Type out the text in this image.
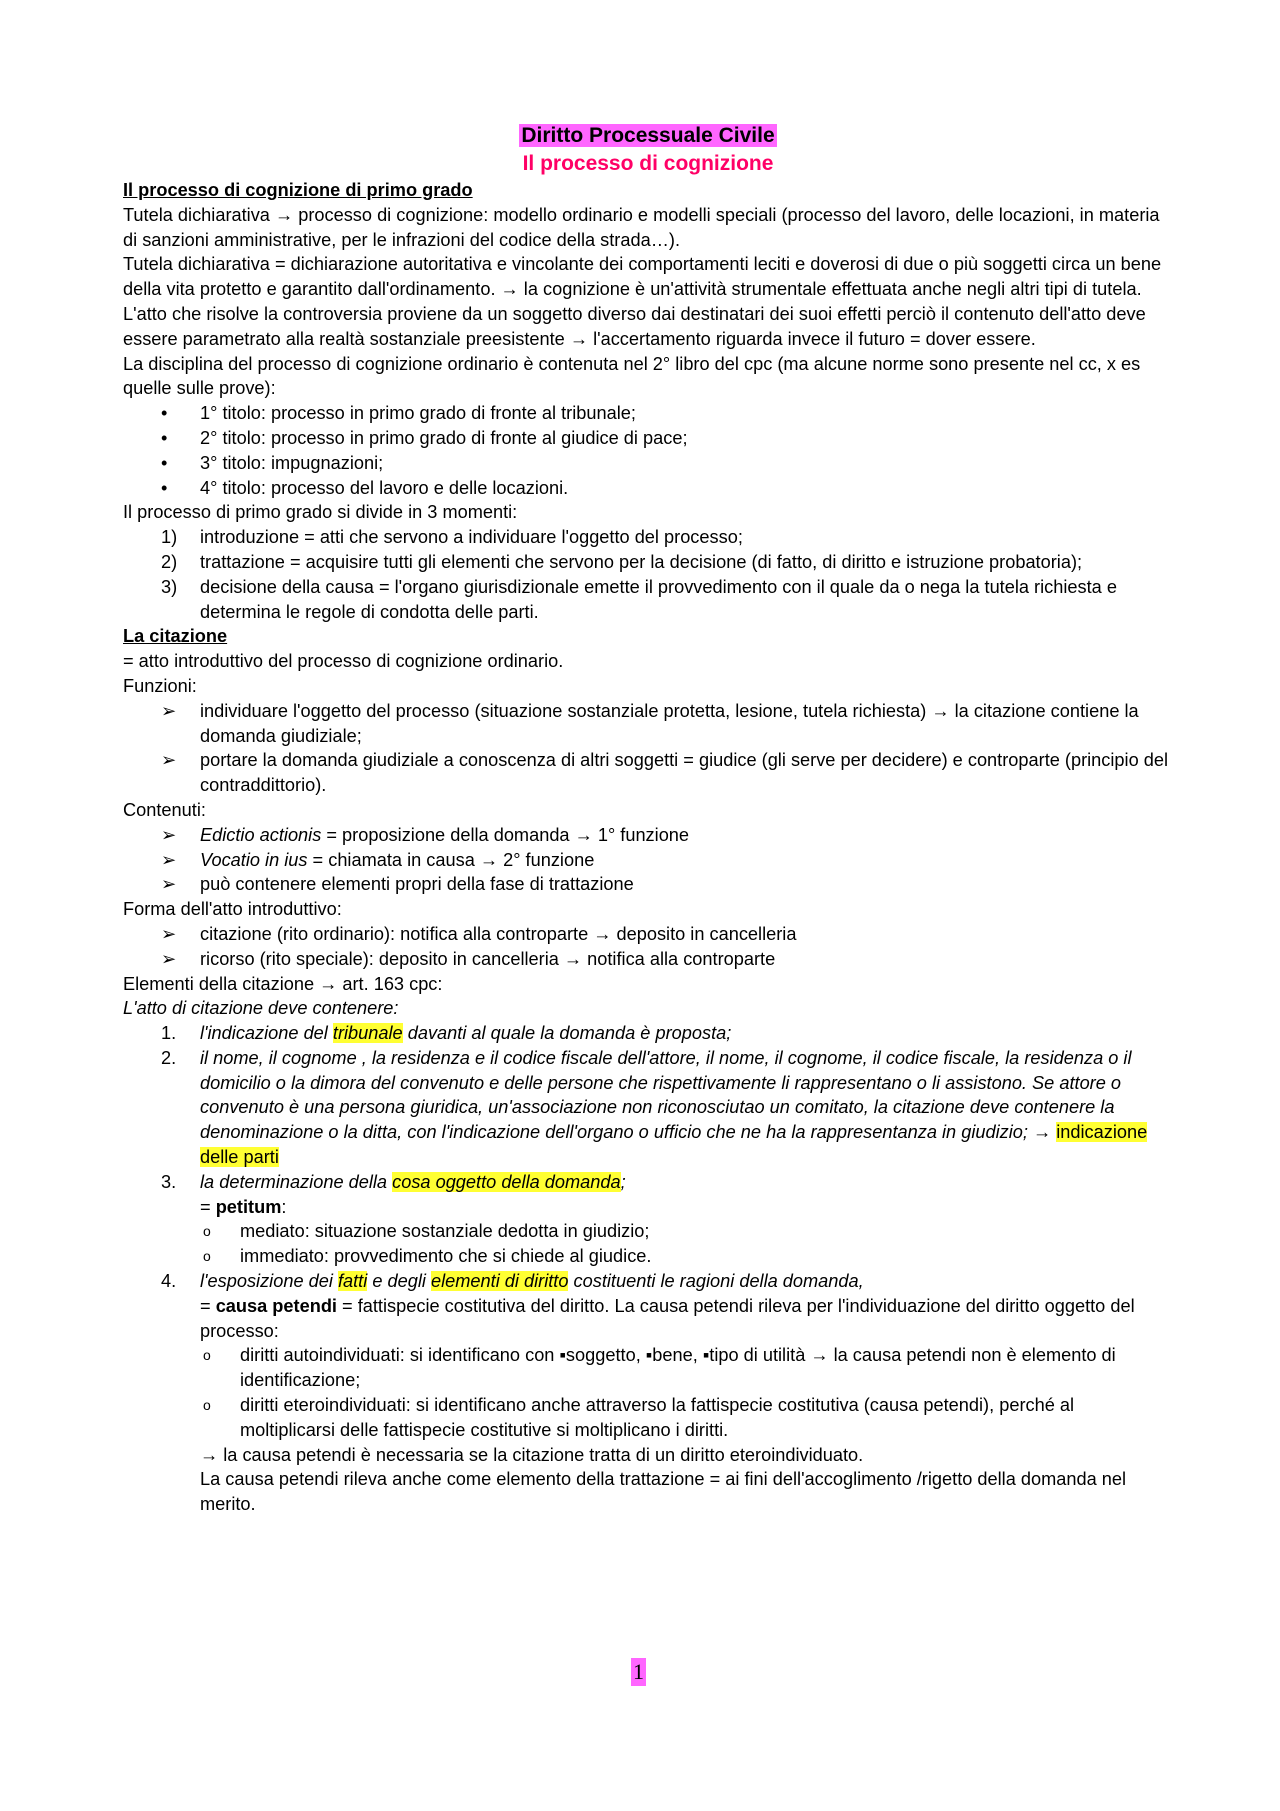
Diritto Processuale Civile
Il processo di cognizione

Il processo di cognizione di primo grado

Tutela dichiarativa → processo di cognizione: modello ordinario e modelli speciali (processo del lavoro, delle locazioni, in materia di sanzioni amministrative, per le infrazioni del codice della strada…).

Tutela dichiarativa = dichiarazione autoritativa e vincolante dei comportamenti leciti e doverosi di due o più soggetti circa un bene della vita protetto e garantito dall'ordinamento. → la cognizione è un'attività strumentale effettuata anche negli altri tipi di tutela.

L'atto che risolve la controversia proviene da un soggetto diverso dai destinatari dei suoi effetti perciò il contenuto dell'atto deve essere parametrato alla realtà sostanziale preesistente → l'accertamento riguarda invece il futuro = dover essere.

La disciplina del processo di cognizione ordinario è contenuta nel 2° libro del cpc (ma alcune norme sono presente nel cc, x es quelle sulle prove):

• 1° titolo: processo in primo grado di fronte al tribunale;
• 2° titolo: processo in primo grado di fronte al giudice di pace;
• 3° titolo: impugnazioni;
• 4° titolo: processo del lavoro e delle locazioni.

Il processo di primo grado si divide in 3 momenti:

1) introduzione = atti che servono a individuare l'oggetto del processo;
2) trattazione = acquisire tutti gli elementi che servono per la decisione (di fatto, di diritto e istruzione probatoria);
3) decisione della causa = l'organo giurisdizionale emette il provvedimento con il quale da o nega la tutela richiesta e determina le regole di condotta delle parti.

La citazione

= atto introduttivo del processo di cognizione ordinario.

Funzioni:

➢ individuare l'oggetto del processo (situazione sostanziale protetta, lesione, tutela richiesta) → la citazione contiene la domanda giudiziale;
➢ portare la domanda giudiziale a conoscenza di altri soggetti = giudice (gli serve per decidere) e controparte (principio del contraddittorio).

Contenuti:

➢ Edictio actionis = proposizione della domanda → 1° funzione
➢ Vocatio in ius = chiamata in causa → 2° funzione
➢ può contenere elementi propri della fase di trattazione

Forma dell'atto introduttivo:

➢ citazione (rito ordinario): notifica alla controparte → deposito in cancelleria
➢ ricorso (rito speciale): deposito in cancelleria → notifica alla controparte

Elementi della citazione → art. 163 cpc:

L'atto di citazione deve contenere:

1. l'indicazione del tribunale davanti al quale la domanda è proposta;
2. il nome, il cognome , la residenza e il codice fiscale dell'attore, il nome, il cognome, il codice fiscale, la residenza o il domicilio o la dimora del convenuto e delle persone che rispettivamente li rappresentano o li assistono. Se attore o convenuto è una persona giuridica, un'associazione non riconosciutao un comitato, la citazione deve contenere la denominazione o la ditta, con l'indicazione dell'organo o ufficio che ne ha la rappresentanza in giudizio; → indicazione delle parti
3. la determinazione della cosa oggetto della domanda;

= petitum:

o mediato: situazione sostanziale dedotta in giudizio;
o immediato: provvedimento che si chiede al giudice.
4. l'esposizione dei fatti e degli elementi di diritto costituenti le ragioni della domanda,

= causa petendi = fattispecie costitutiva del diritto. La causa petendi rileva per l'individuazione del diritto oggetto del processo:

o diritti autoindividuati: si identificano con ▪soggetto, ▪bene, ▪tipo di utilità → la causa petendi non è elemento di identificazione;
o diritti eteroindividuati: si identificano anche attraverso la fattispecie costitutiva (causa petendi), perché al moltiplicarsi delle fattispecie costitutive si moltiplicano i diritti.

→ la causa petendi è necessaria se la citazione tratta di un diritto eteroindividuato.

La causa petendi rileva anche come elemento della trattazione = ai fini dell'accoglimento /rigetto della domanda nel merito.

1
